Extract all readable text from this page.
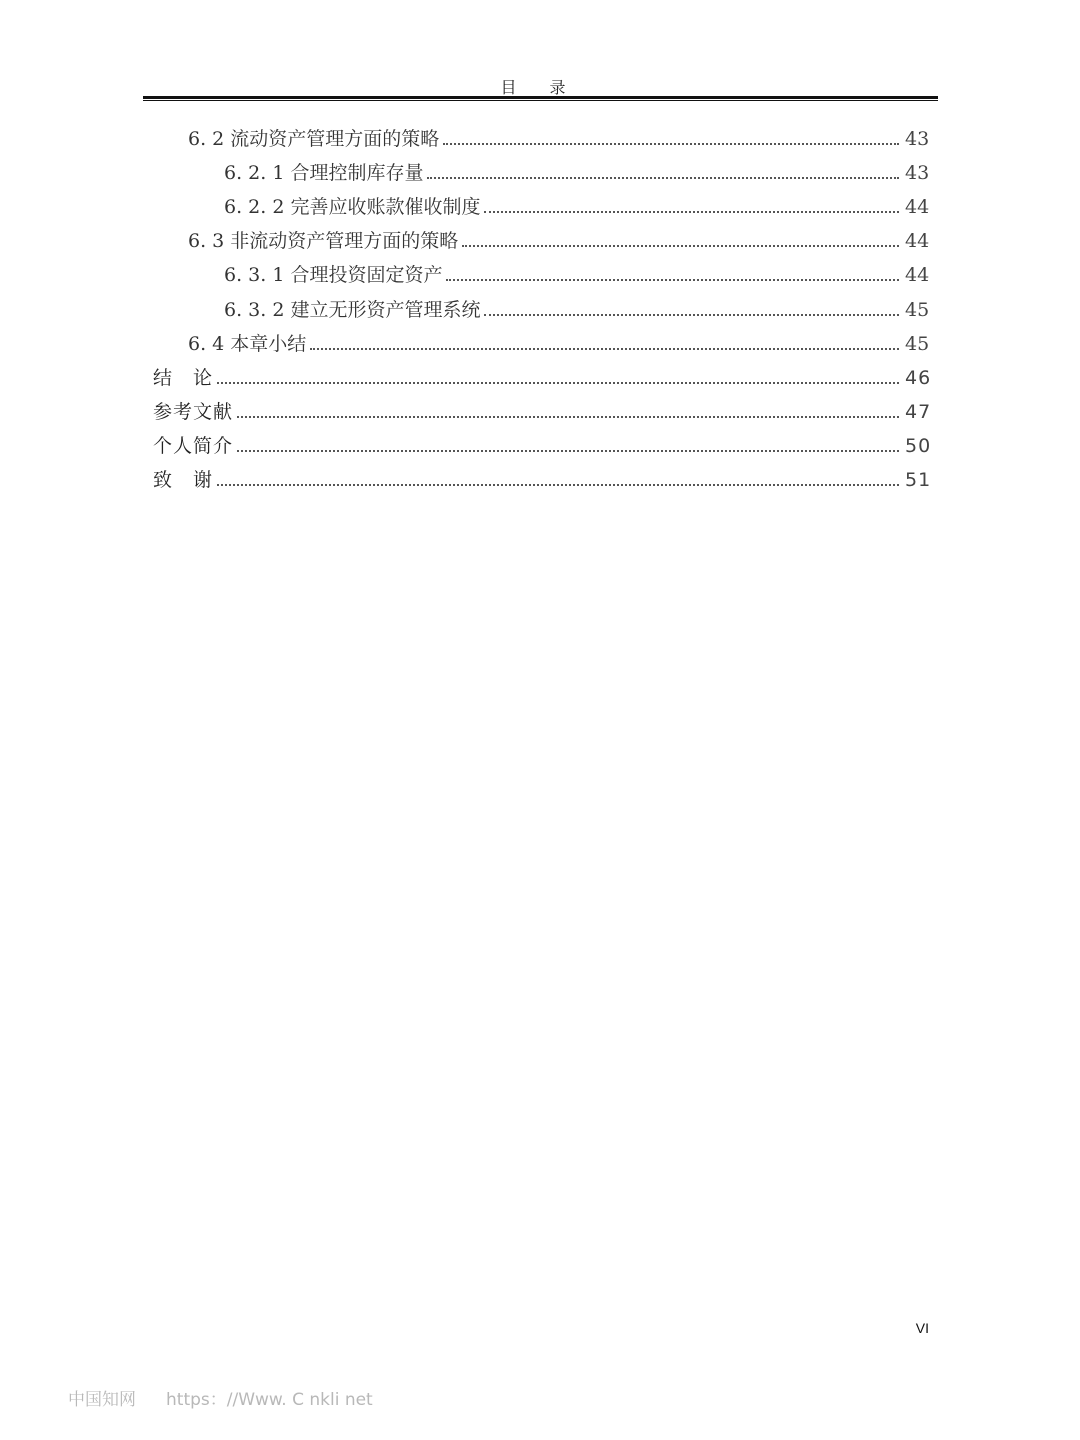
目 录
6. 2 流动资产管理方面的策略	43
6. 2. 1 合理控制库存量	43
6. 2. 2 完善应收账款催收制度	44
6. 3 非流动资产管理方面的策略	44
6. 3. 1 合理投资固定资产	44
6. 3. 2 建立无形资产管理系统	45
6. 4 本章小结	45
结　论	46
参考文献	47
个人简介	50
致　谢	51
VI
中国知网 https：//Www. C nkli net
